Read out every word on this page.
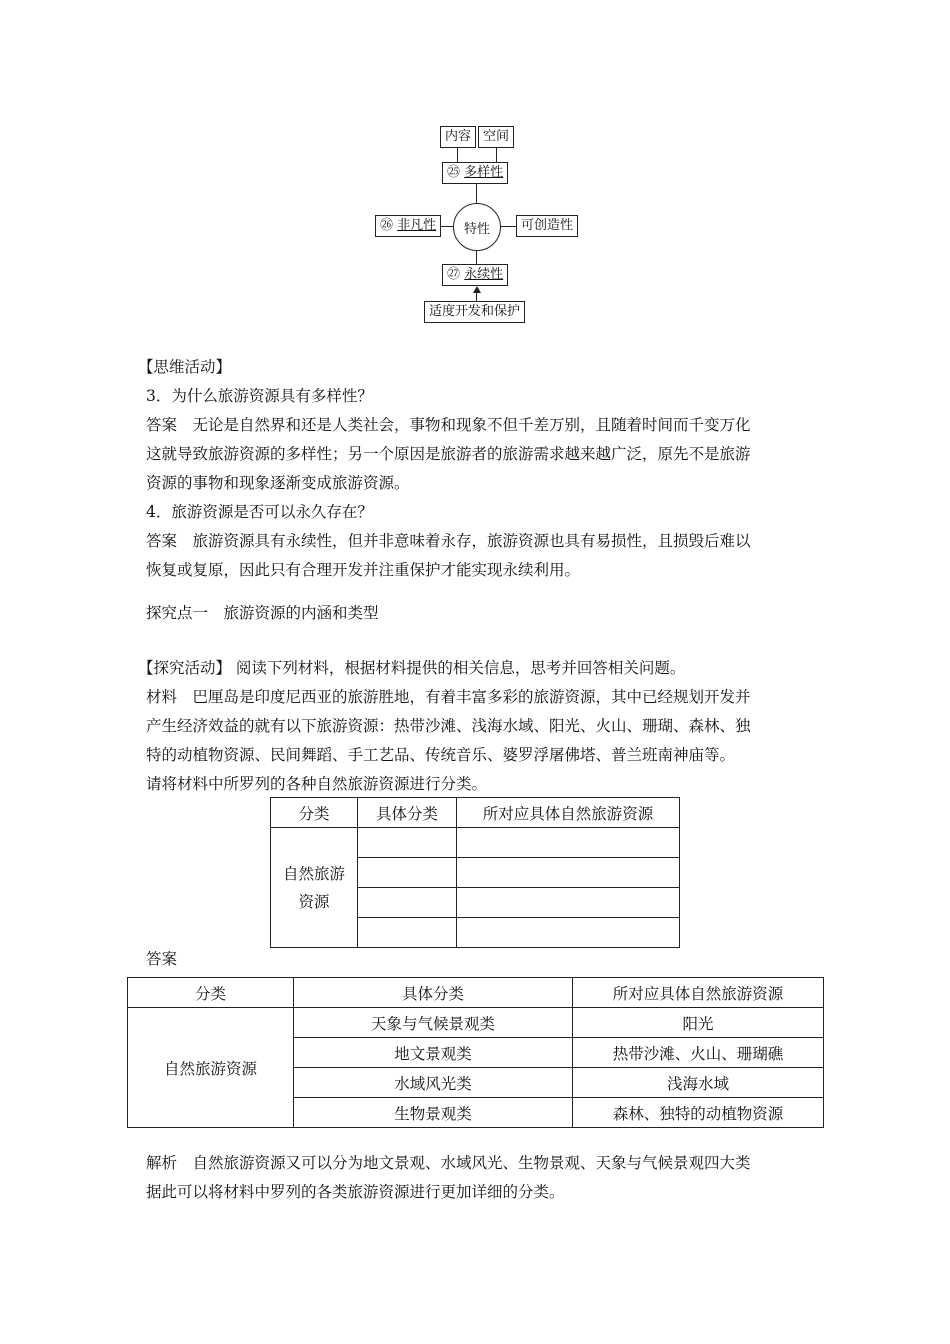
内容 空间
㉕ 多样性
特性
㉖ 非凡性	可创造性
㉗ 永续性
适度开发和保护

【思维活动】

3．为什么旅游资源具有多样性？

答案　无论是自然界和还是人类社会，事物和现象不但千差万别，且随着时间而千变万化

这就导致旅游资源的多样性；另一个原因是旅游者的旅游需求越来越广泛，原先不是旅游

资源的事物和现象逐渐变成旅游资源。

4．旅游资源是否可以永久存在？

答案　旅游资源具有永续性，但并非意味着永存，旅游资源也具有易损性，且损毁后难以

恢复或复原，因此只有合理开发并注重保护才能实现永续利用。

探究点一　旅游资源的内涵和类型

【探究活动】 阅读下列材料，根据材料提供的相关信息，思考并回答相关问题。

材料　巴厘岛是印度尼西亚的旅游胜地，有着丰富多彩的旅游资源，其中已经规划开发并

产生经济效益的就有以下旅游资源：热带沙滩、浅海水域、阳光、火山、珊瑚、森林、独

特的动植物资源、民间舞蹈、手工艺品、传统音乐、婆罗浮屠佛塔、普兰班南神庙等。

请将材料中所罗列的各种自然旅游资源进行分类。

分类	具体分类	所对应具体自然旅游资源
自然旅游
资源		

答案
分类	具体分类	所对应具体自然旅游资源
自然旅游资源	天象与气候景观类	阳光
	地文景观类	热带沙滩、火山、珊瑚礁
	水域风光类	浅海水域
	生物景观类	森林、独特的动植物资源

解析　自然旅游资源又可以分为地文景观、水域风光、生物景观、天象与气候景观四大类

据此可以将材料中罗列的各类旅游资源进行更加详细的分类。
